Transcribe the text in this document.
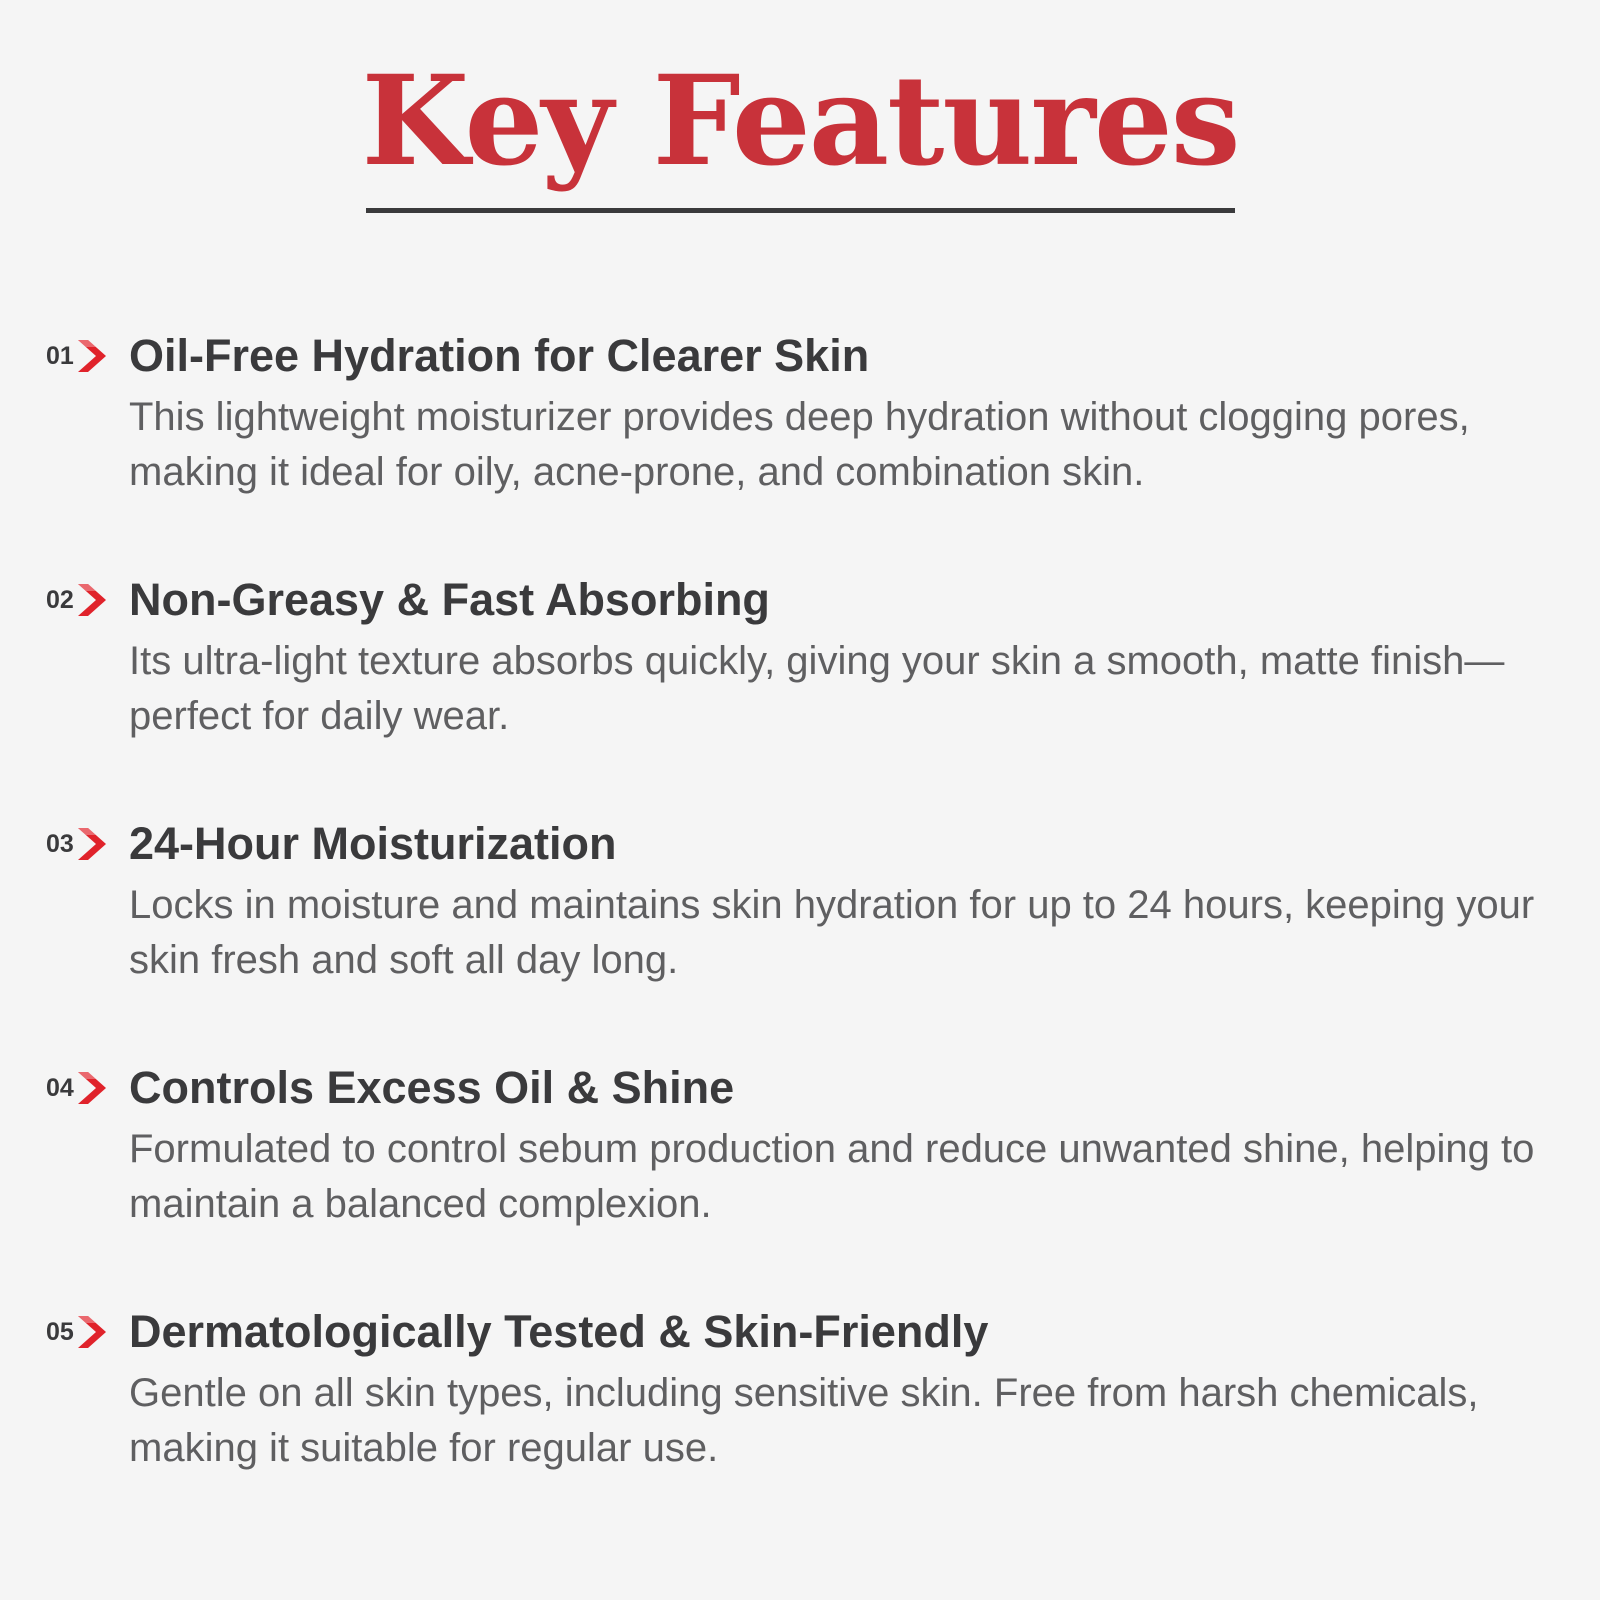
Key Features
01 Oil-Free Hydration for Clearer Skin
This lightweight moisturizer provides deep hydration without clogging pores, making it ideal for oily, acne-prone, and combination skin.
02 Non-Greasy & Fast Absorbing
Its ultra-light texture absorbs quickly, giving your skin a smooth, matte finish—perfect for daily wear.
03 24-Hour Moisturization
Locks in moisture and maintains skin hydration for up to 24 hours, keeping your skin fresh and soft all day long.
04 Controls Excess Oil & Shine
Formulated to control sebum production and reduce unwanted shine, helping to maintain a balanced complexion.
05 Dermatologically Tested & Skin-Friendly
Gentle on all skin types, including sensitive skin. Free from harsh chemicals, making it suitable for regular use.
